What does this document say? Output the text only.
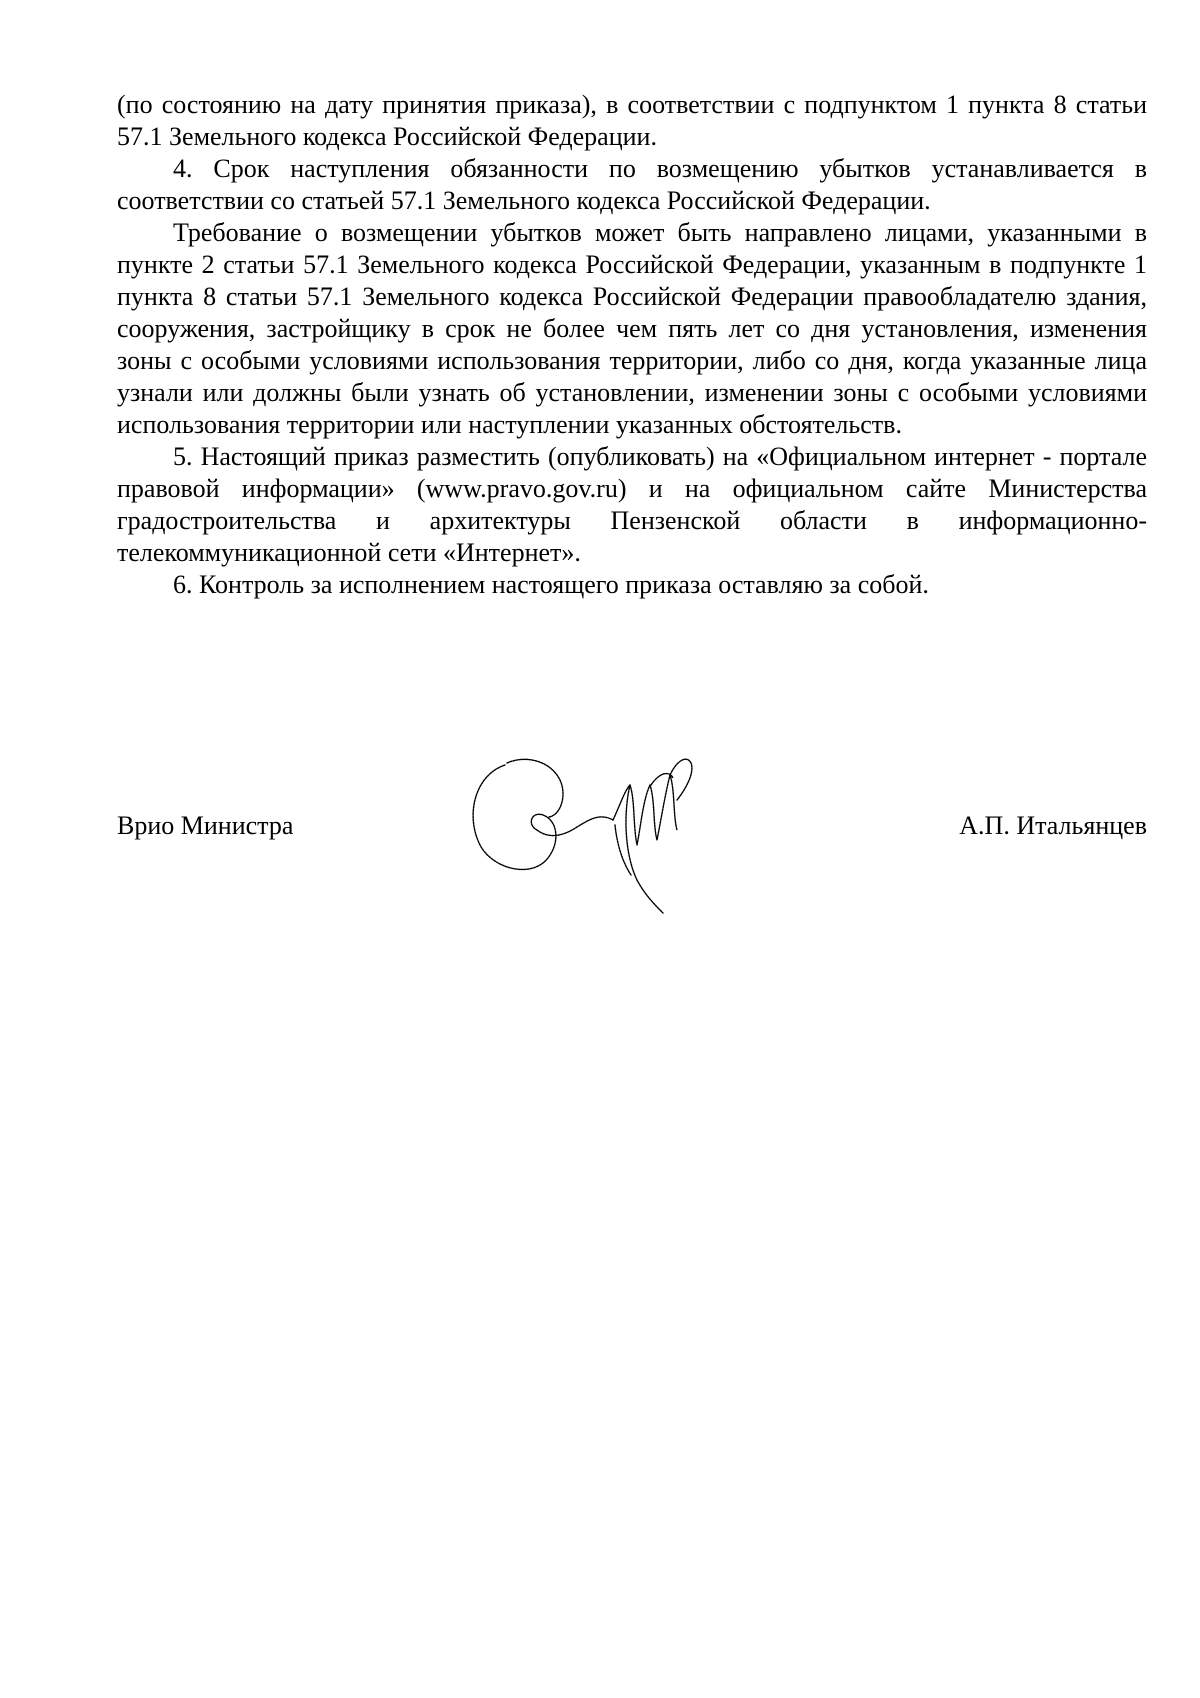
(по состоянию на дату принятия приказа), в соответствии с подпунктом 1 пункта 8 статьи 57.1 Земельного кодекса Российской Федерации.

4. Срок наступления обязанности по возмещению убытков устанавливается в соответствии со статьей 57.1 Земельного кодекса Российской Федерации.

Требование о возмещении убытков может быть направлено лицами, указанными в пункте 2 статьи 57.1 Земельного кодекса Российской Федерации, указанным в подпункте 1 пункта 8 статьи 57.1 Земельного кодекса Российской Федерации правообладателю здания, сооружения, застройщику в срок не более чем пять лет со дня установления, изменения зоны с особыми условиями использования территории, либо со дня, когда указанные лица узнали или должны были узнать об установлении, изменении зоны с особыми условиями использования территории или наступлении указанных обстоятельств.

5. Настоящий приказ разместить (опубликовать) на «Официальном интернет - портале правовой информации» (www.pravo.gov.ru) и на официальном сайте Министерства градостроительства и архитектуры Пензенской области в информационно-телекоммуникационной сети «Интернет».

6. Контроль за исполнением настоящего приказа оставляю за собой.

Врио Министра	А.П. Итальянцев
